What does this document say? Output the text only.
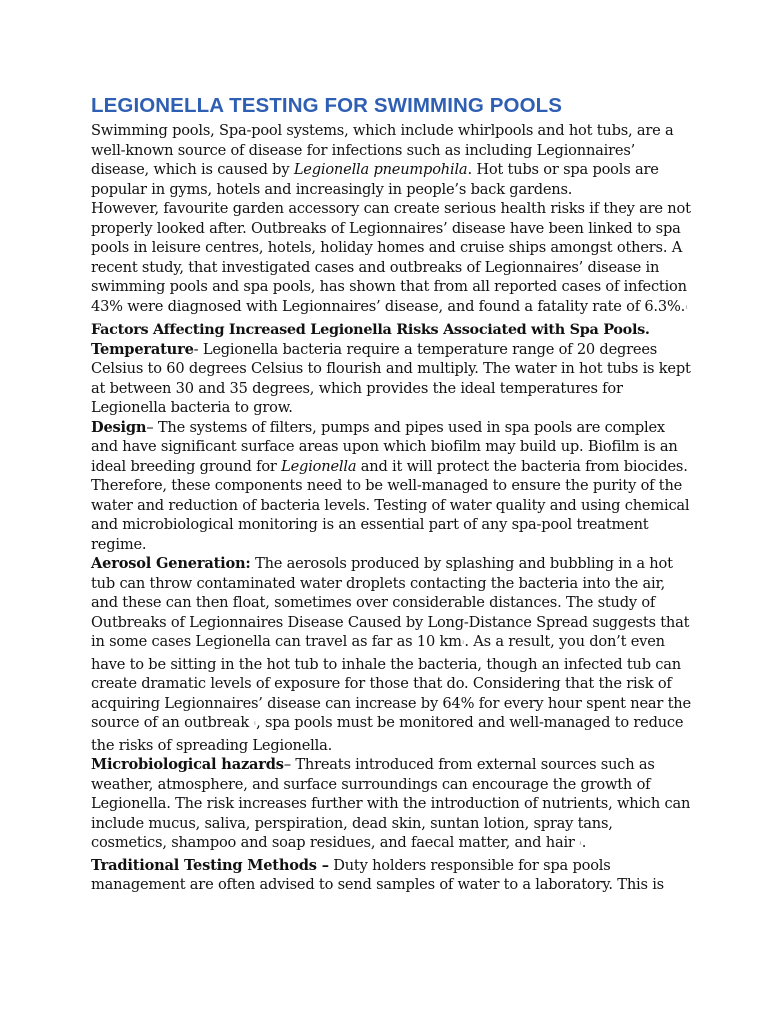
LEGIONELLA TESTING FOR SWIMMING POOLS

Swimming pools, Spa-pool systems, which include whirlpools and hot tubs, are a well-known source of disease for infections such as including Legionnaires’ disease, which is caused by Legionella pneumpohila. Hot tubs or spa pools are popular in gyms, hotels and increasingly in people’s back gardens.

However, favourite garden accessory can create serious health risks if they are not properly looked after. Outbreaks of Legionnaires’ disease have been linked to spa pools in leisure centres, hotels, holiday homes and cruise ships amongst others. A recent study, that investigated cases and outbreaks of Legionnaires’ disease in swimming pools and spa pools, has shown that from all reported cases of infection 43% were diagnosed with Legionnaires’ disease, and found a fatality rate of 6.3%.¹

Factors Affecting Increased Legionella Risks Associated with Spa Pools.

Temperature- Legionella bacteria require a temperature range of 20 degrees Celsius to 60 degrees Celsius to flourish and multiply. The water in hot tubs is kept at between 30 and 35 degrees, which provides the ideal temperatures for Legionella bacteria to grow.

Design– The systems of filters, pumps and pipes used in spa pools are complex and have significant surface areas upon which biofilm may build up. Biofilm is an ideal breeding ground for Legionella and it will protect the bacteria from biocides. Therefore, these components need to be well-managed to ensure the purity of the water and reduction of bacteria levels. Testing of water quality and using chemical and microbiological monitoring is an essential part of any spa-pool treatment regime.

Aerosol Generation: The aerosols produced by splashing and bubbling in a hot tub can throw contaminated water droplets contacting the bacteria into the air, and these can then float, sometimes over considerable distances. The study of Outbreaks of Legionnaires Disease Caused by Long-Distance Spread suggests that in some cases Legionella can travel as far as 10 km¹. As a result, you don’t even have to be sitting in the hot tub to inhale the bacteria, though an infected tub can create dramatic levels of exposure for those that do. Considering that the risk of acquiring Legionnaires’ disease can increase by 64% for every hour spent near the source of an outbreak ¹, spa pools must be monitored and well-managed to reduce the risks of spreading Legionella.

Microbiological hazards– Threats introduced from external sources such as weather, atmosphere, and surface surroundings can encourage the growth of Legionella. The risk increases further with the introduction of nutrients, which can include mucus, saliva, perspiration, dead skin, suntan lotion, spray tans, cosmetics, shampoo and soap residues, and faecal matter, and hair ¹.

Traditional Testing Methods – Duty holders responsible for spa pools management are often advised to send samples of water to a laboratory. This is
